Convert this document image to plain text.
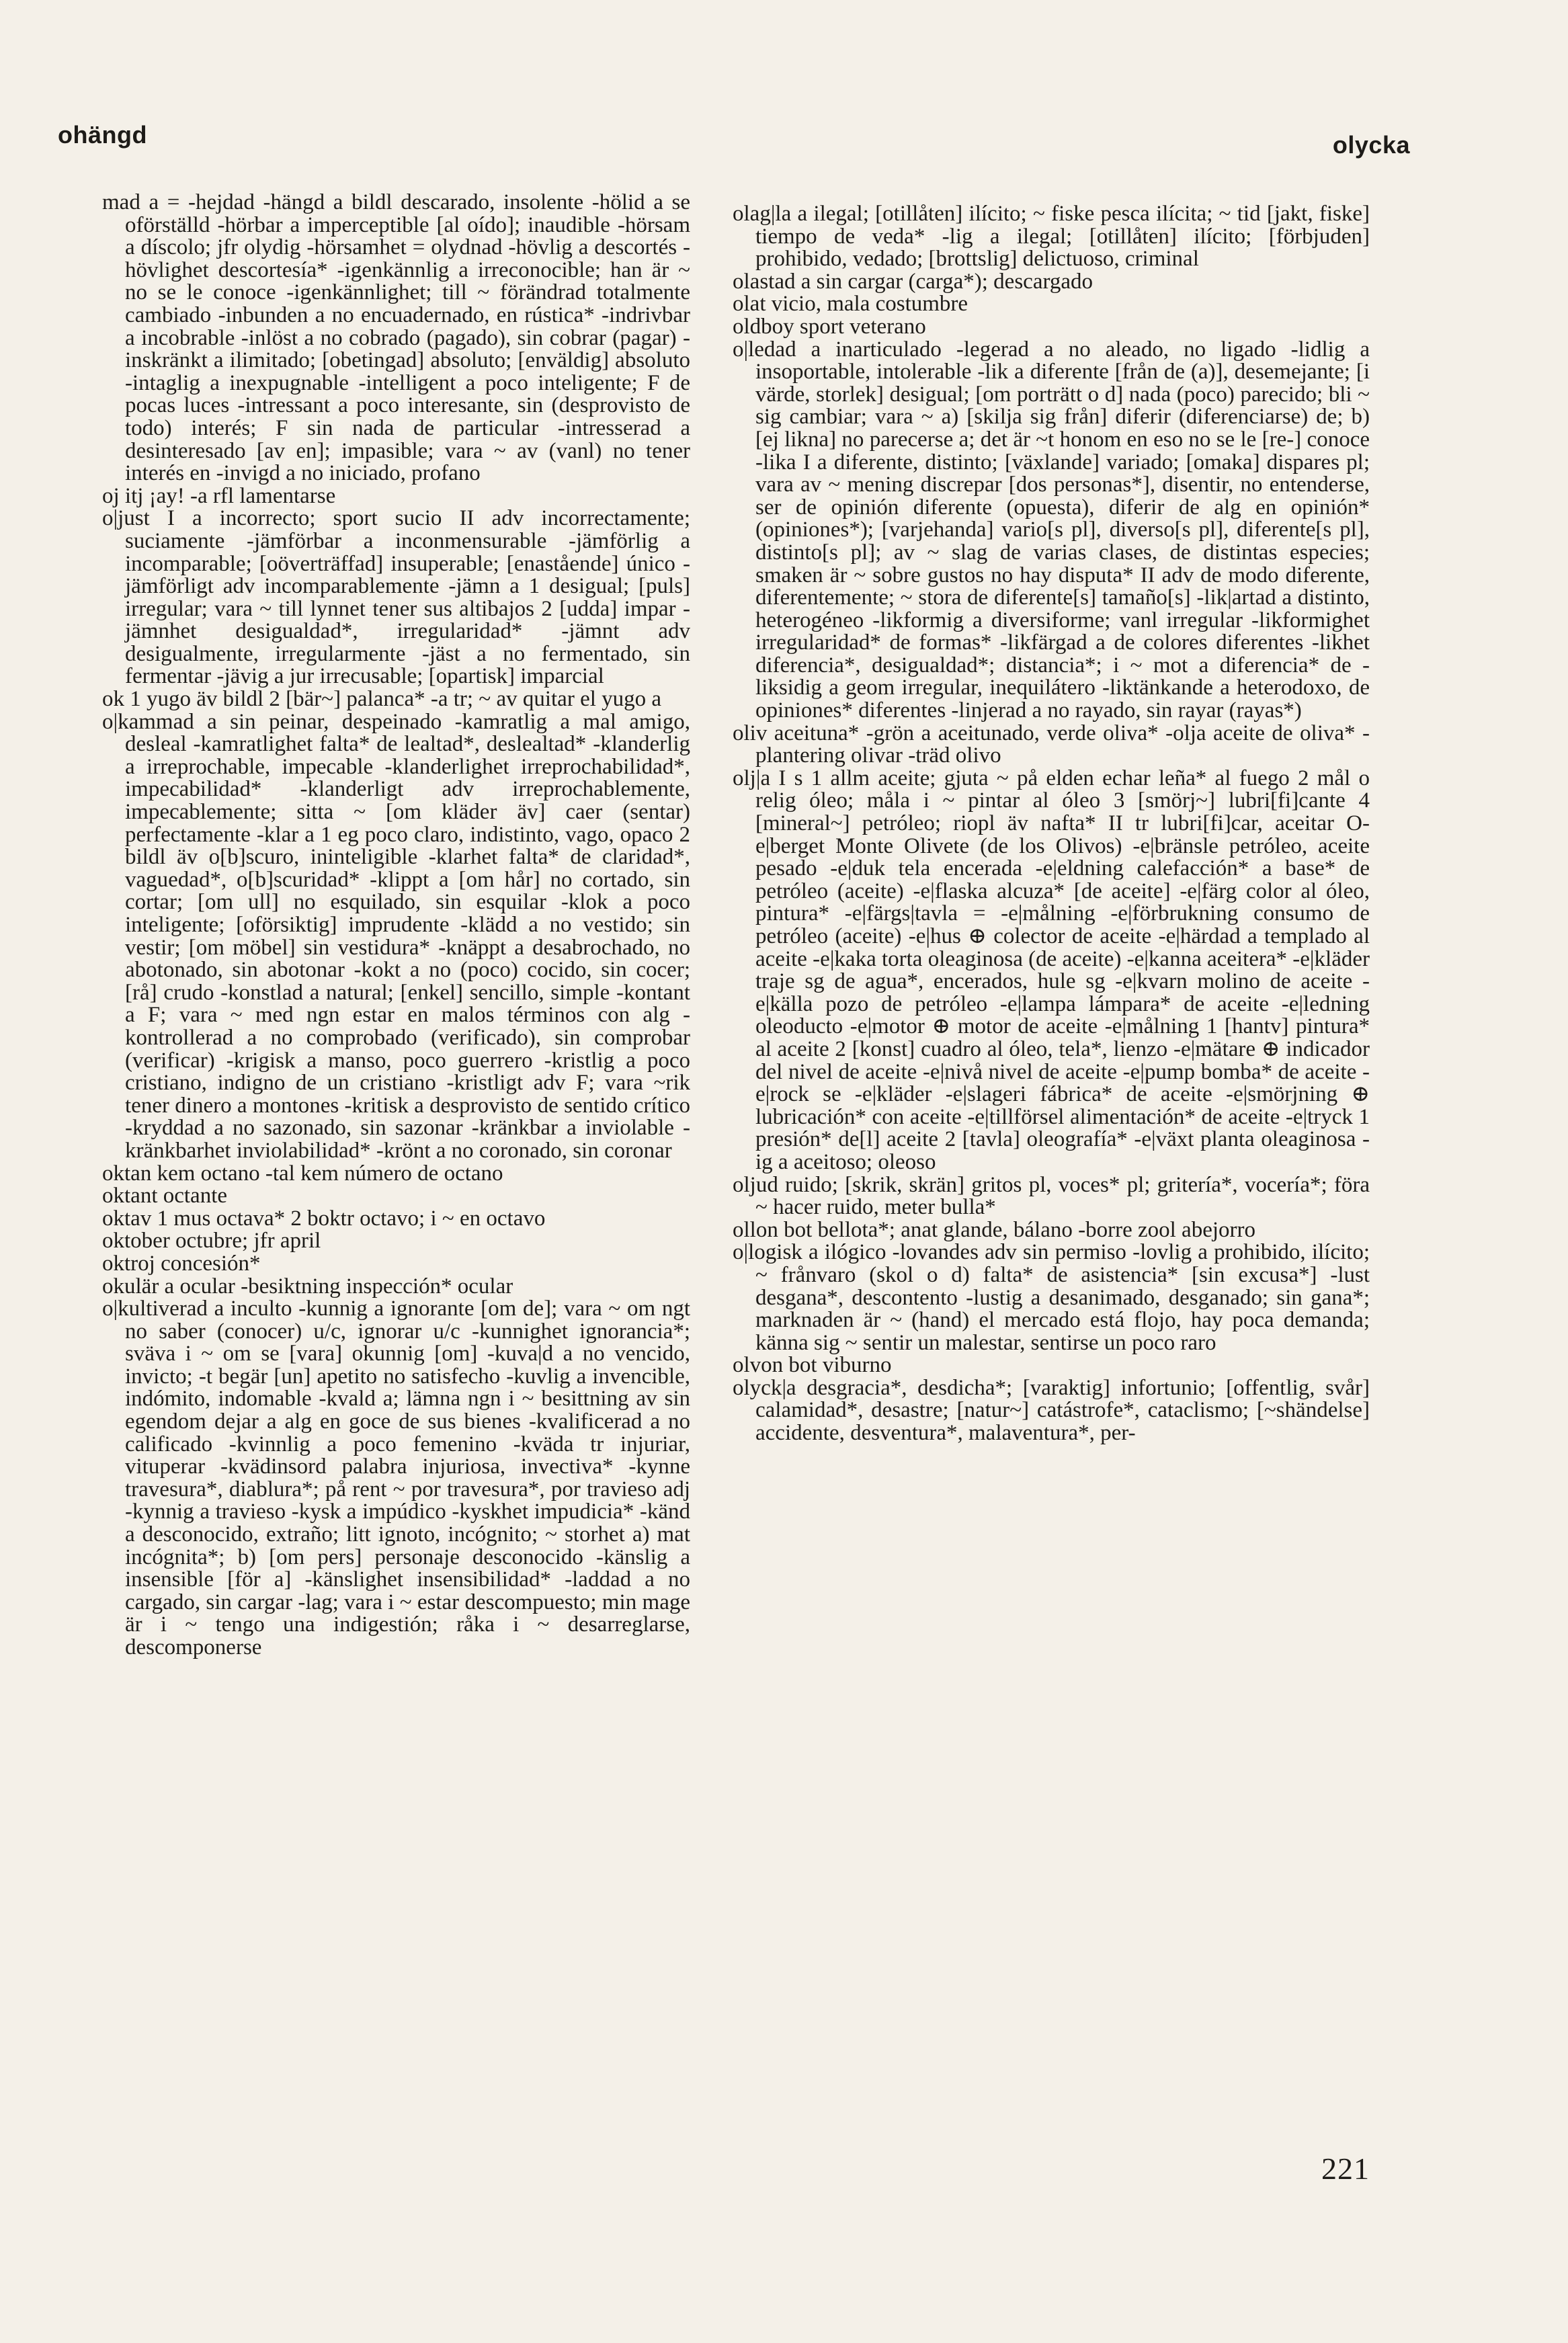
ohängd	olycka

mad a = -hejdad -hängd a bildl descarado, insolente -hölid a se oförställd -hörbar a imperceptible [al oído]; inaudible -hörsam a díscolo; jfr olydig -hörsamhet = olydnad -hövlig a descortés -hövlighet descortesía* -igenkännlig a irreconocible; han är ~ no se le conoce -igenkännlighet; till ~ förändrad totalmente cambiado -inbunden a no encuadernado, en rústica* -indrivbar a incobrable -inlöst a no cobrado (pagado), sin cobrar (pagar) -inskränkt a ilimitado; [obetingad] absoluto; [enväldig] absoluto -intaglig a inexpugnable -intelligent a poco inteligente; F de pocas luces -intressant a poco interesante, sin (desprovisto de todo) interés; F sin nada de particular -intresserad a desinteresado [av en]; impasible; vara ~ av (vanl) no tener interés en -invigd a no iniciado, profano

oj itj ¡ay! -a rfl lamentarse

o|just I a incorrecto; sport sucio II adv incorrectamente; suciamente -jämförbar a inconmensurable -jämförlig a incomparable; [oöverträffad] insuperable; [enastående] único -jämförligt adv incomparablemente -jämn a 1 desigual; [puls] irregular; vara ~ till lynnet tener sus altibajos 2 [udda] impar -jämnhet desigualdad*, irregularidad* -jämnt adv desigualmente, irregularmente -jäst a no fermentado, sin fermentar -jävig a jur irrecusable; [opartisk] imparcial

ok 1 yugo äv bildl 2 [bär~] palanca* -a tr; ~ av quitar el yugo a

o|kammad a sin peinar, despeinado -kamratlig a mal amigo, desleal -kamratlighet falta* de lealtad*, deslealtad* -klanderlig a irreprochable, impecable -klanderlighet irreprochabilidad*, impecabilidad* -klanderligt adv irreprochablemente, impecablemente; sitta ~ [om kläder äv] caer (sentar) perfectamente -klar a 1 eg poco claro, indistinto, vago, opaco 2 bildl äv o[b]scuro, ininteligible -klarhet falta* de claridad*, vaguedad*, o[b]scuridad* -klippt a [om hår] no cortado, sin cortar; [om ull] no esquilado, sin esquilar -klok a poco inteligente; [oförsiktig] imprudente -klädd a no vestido; sin vestir; [om möbel] sin vestidura* -knäppt a desabrochado, no abotonado, sin abotonar -kokt a no (poco) cocido, sin cocer; [rå] crudo -konstlad a natural; [enkel] sencillo, simple -kontant a F; vara ~ med ngn estar en malos términos con alg -kontrollerad a no comprobado (verificado), sin comprobar (verificar) -krigisk a manso, poco guerrero -kristlig a poco cristiano, indigno de un cristiano -kristligt adv F; vara ~rik tener dinero a montones -kritisk a desprovisto de sentido crítico -kryddad a no sazonado, sin sazonar -kränkbar a inviolable -kränkbarhet inviolabilidad* -krönt a no coronado, sin coronar

oktan kem octano -tal kem número de octano

oktant octante

oktav 1 mus octava* 2 boktr octavo; i ~ en octavo

oktober octubre; jfr april

oktroj concesión*

okulär a ocular -besiktning inspección* ocular

o|kultiverad a inculto -kunnig a ignorante [om de]; vara ~ om ngt no saber (conocer) u/c, ignorar u/c -kunnighet ignorancia*; sväva i ~ om se [vara] okunnig [om] -kuva|d a no vencido, invicto; -t begär [un] apetito no satisfecho -kuvlig a invencible, indómito, indomable -kvald a; lämna ngn i ~ besittning av sin egendom dejar a alg en goce de sus bienes -kvalificerad a no calificado -kvinnlig a poco femenino -kväda tr injuriar, vituperar -kvädinsord palabra injuriosa, invectiva* -kynne travesura*, diablura*; på rent ~ por travesura*, por travieso adj -kynnig a travieso -kysk a impúdico -kyskhet impudicia* -känd a desconocido, extraño; litt ignoto, incógnito; ~ storhet a) mat incógnita*; b) [om pers] personaje desconocido -känslig a insensible [för a] -känslighet insensibilidad* -laddad a no cargado, sin cargar -lag; vara i ~ estar descompuesto; min mage är i ~ tengo una indigestión; råka i ~ desarreglarse, descomponerse

olag|la a ilegal; [otillåten] ilícito; ~ fiske pesca ilícita; ~ tid [jakt, fiske] tiempo de veda* -lig a ilegal; [otillåten] ilícito; [förbjuden] prohibido, vedado; [brottslig] delictuoso, criminal

olastad a sin cargar (carga*); descargado

olat vicio, mala costumbre

oldboy sport veterano

o|ledad a inarticulado -legerad a no aleado, no ligado -lidlig a insoportable, intolerable -lik a diferente [från de (a)], desemejante; [i värde, storlek] desigual; [om porträtt o d] nada (poco) parecido; bli ~ sig cambiar; vara ~ a) [skilja sig från] diferir (diferenciarse) de; b) [ej likna] no parecerse a; det är ~t honom en eso no se le [re-] conoce -lika I a diferente, distinto; [växlande] variado; [omaka] dispares pl; vara av ~ mening discrepar [dos personas*], disentir, no entenderse, ser de opinión diferente (opuesta), diferir de alg en opinión* (opiniones*); [varjehanda] vario[s pl], diverso[s pl], diferente[s pl], distinto[s pl]; av ~ slag de varias clases, de distintas especies; smaken är ~ sobre gustos no hay disputa* II adv de modo diferente, diferentemente; ~ stora de diferente[s] tamaño[s] -lik|artad a distinto, heterogéneo -likformig a diversiforme; vanl irregular -likformighet irregularidad* de formas* -likfärgad a de colores diferentes -likhet diferencia*, desigualdad*; distancia*; i ~ mot a diferencia* de -liksidig a geom irregular, inequilátero -liktänkande a heterodoxo, de opiniones* diferentes -linjerad a no rayado, sin rayar (rayas*)

oliv aceituna* -grön a aceitunado, verde oliva* -olja aceite de oliva* -plantering olivar -träd olivo

olj|a I s 1 allm aceite; gjuta ~ på elden echar leña* al fuego 2 mål o relig óleo; måla i ~ pintar al óleo 3 [smörj~] lubri[fi]cante 4 [mineral~] petróleo; riopl äv nafta* II tr lubri[fi]car, aceitar O-e|berget Monte Olivete (de los Olivos) -e|bränsle petróleo, aceite pesado -e|duk tela encerada -e|eldning calefacción* a base* de petróleo (aceite) -e|flaska alcuza* [de aceite] -e|färg color al óleo, pintura* -e|färgs|tavla = -e|målning -e|förbrukning consumo de petróleo (aceite) -e|hus ⊕ colector de aceite -e|härdad a templado al aceite -e|kaka torta oleaginosa (de aceite) -e|kanna aceitera* -e|kläder traje sg de agua*, encerados, hule sg -e|kvarn molino de aceite -e|källa pozo de petróleo -e|lampa lámpara* de aceite -e|ledning oleoducto -e|motor ⊕ motor de aceite -e|målning 1 [hantv] pintura* al aceite 2 [konst] cuadro al óleo, tela*, lienzo -e|mätare ⊕ indicador del nivel de aceite -e|nivå nivel de aceite -e|pump bomba* de aceite -e|rock se -e|kläder -e|slageri fábrica* de aceite -e|smörjning ⊕ lubricación* con aceite -e|tillförsel alimentación* de aceite -e|tryck 1 presión* de[l] aceite 2 [tavla] oleografía* -e|växt planta oleaginosa -ig a aceitoso; oleoso

oljud ruido; [skrik, skrän] gritos pl, voces* pl; gritería*, vocería*; föra ~ hacer ruido, meter bulla*

ollon bot bellota*; anat glande, bálano -borre zool abejorro

o|logisk a ilógico -lovandes adv sin permiso -lovlig a prohibido, ilícito; ~ frånvaro (skol o d) falta* de asistencia* [sin excusa*] -lust desgana*, descontento -lustig a desanimado, desganado; sin gana*; marknaden är ~ (hand) el mercado está flojo, hay poca demanda; känna sig ~ sentir un malestar, sentirse un poco raro

olvon bot viburno

olyck|a desgracia*, desdicha*; [varaktig] infortunio; [offentlig, svår] calamidad*, desastre; [natur~] catástrofe*, cataclismo; [~shändelse] accidente, desventura*, malaventura*, per-

221
